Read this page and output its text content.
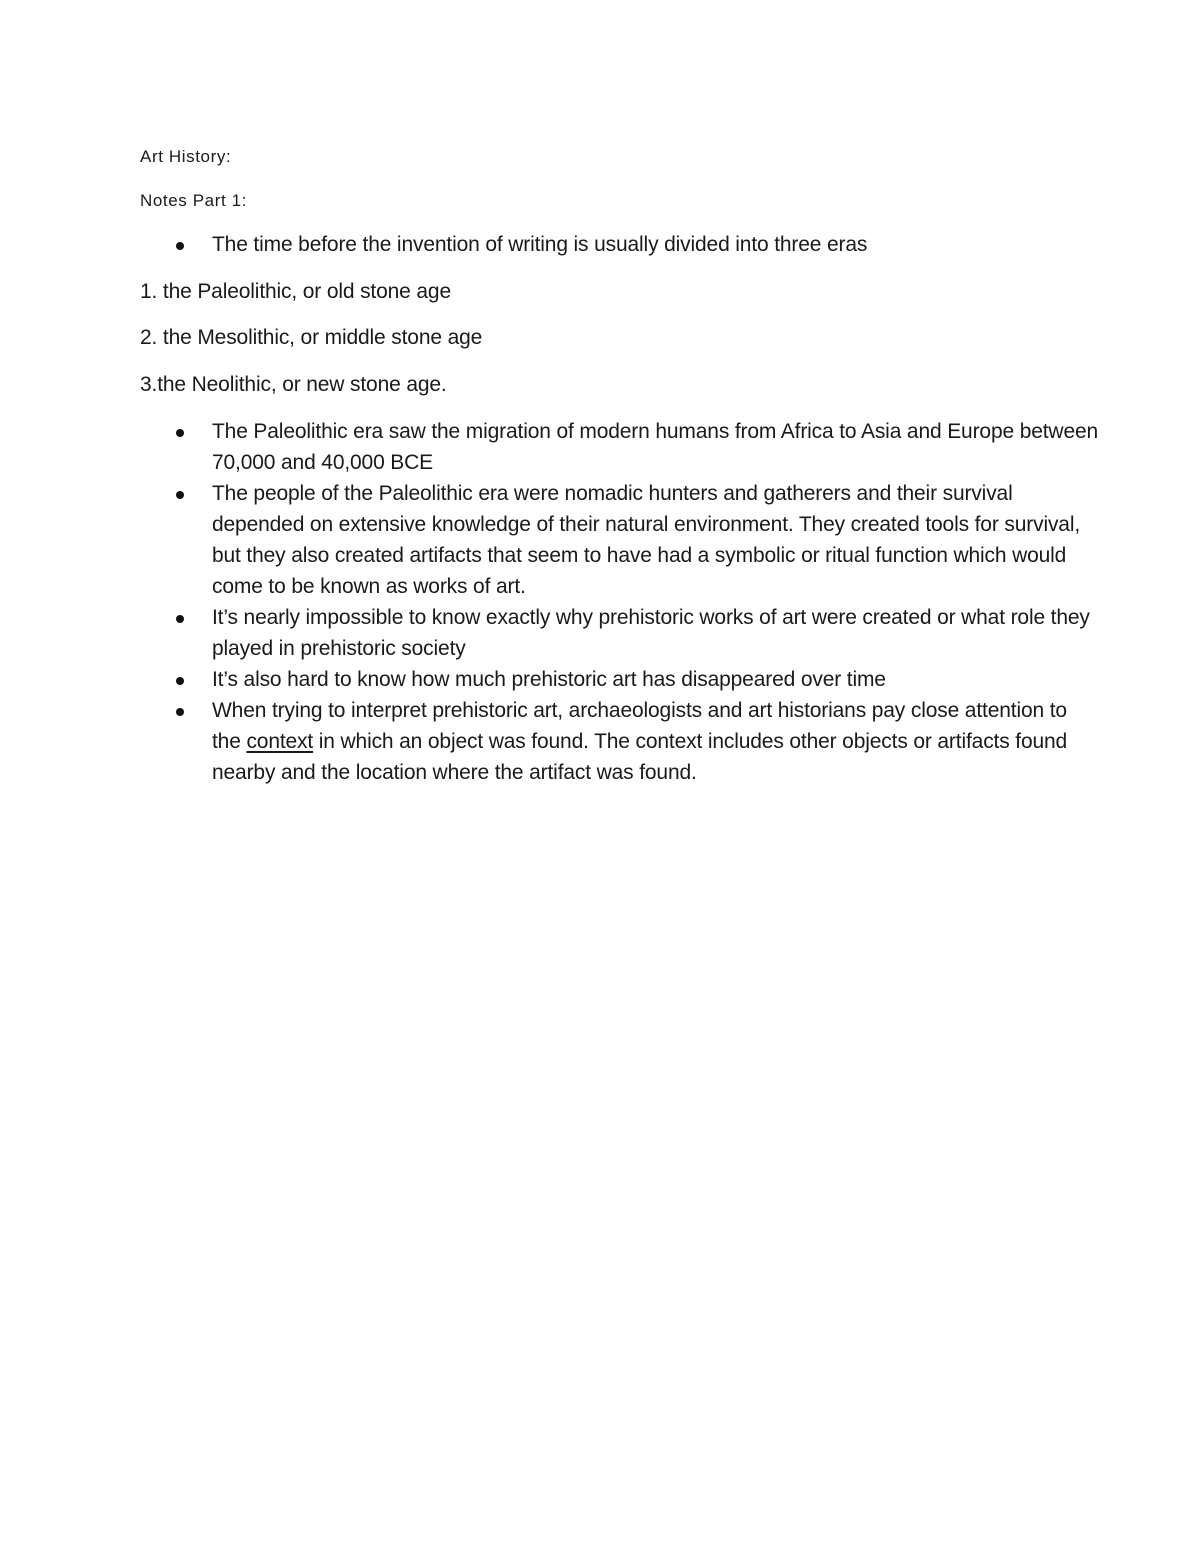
Art History:
Notes Part 1:
The time before the invention of writing is usually divided into three eras
1. the Paleolithic, or old stone age
2. the Mesolithic, or middle stone age
3.the Neolithic, or new stone age.
The Paleolithic era saw the migration of modern humans from Africa to Asia and Europe between 70,000 and 40,000 BCE
The people of the Paleolithic era were nomadic hunters and gatherers and their survival depended on extensive knowledge of their natural environment. They created tools for survival, but they also created artifacts that seem to have had a symbolic or ritual function which would come to be known as works of art.
It’s nearly impossible to know exactly why prehistoric works of art were created or what role they played in prehistoric society
It’s also hard to know how much prehistoric art has disappeared over time
When trying to interpret prehistoric art, archaeologists and art historians pay close attention to the context in which an object was found. The context includes other objects or artifacts found nearby and the location where the artifact was found.
